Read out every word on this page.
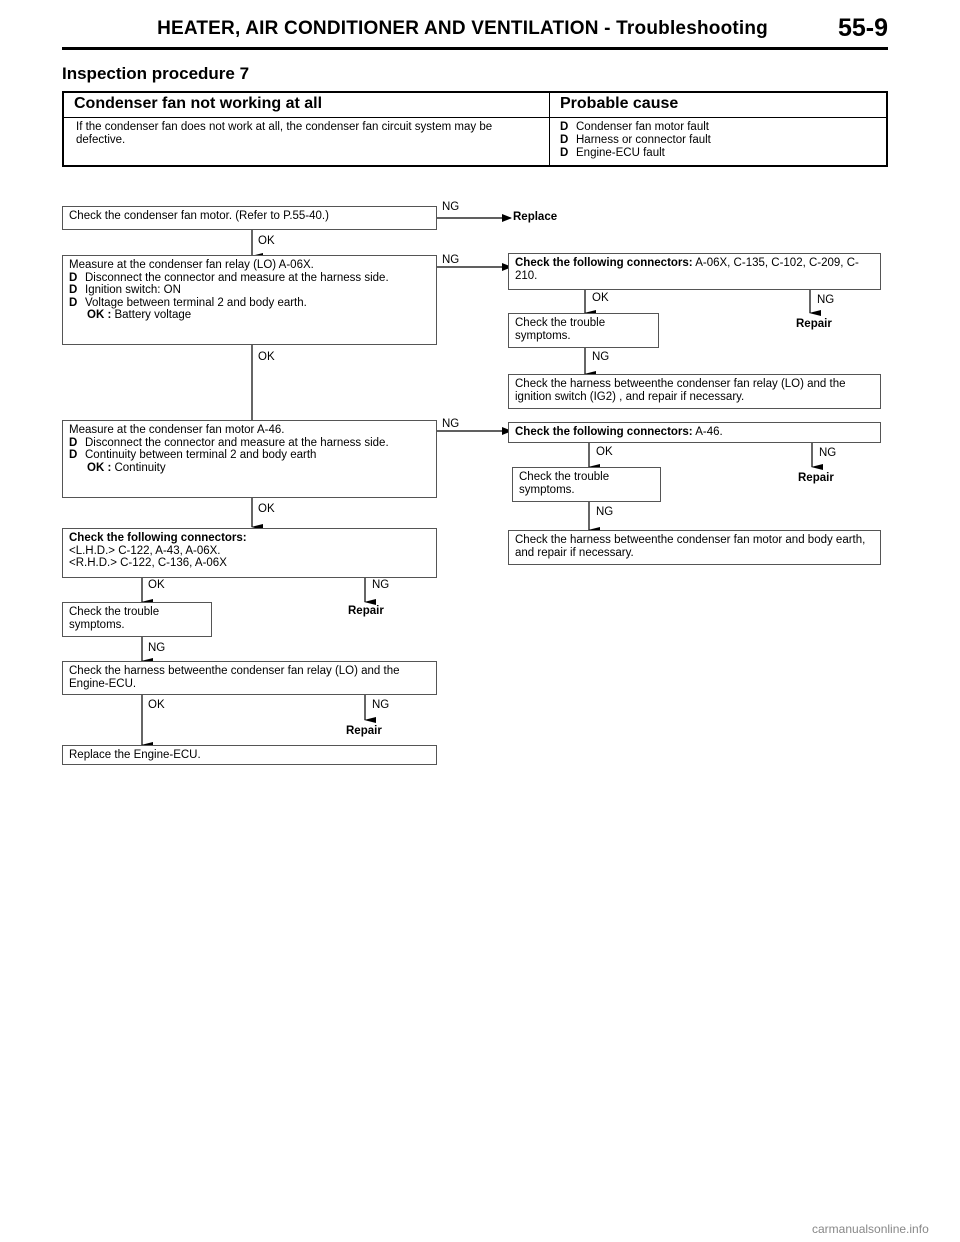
HEATER, AIR CONDITIONER AND VENTILATION - Troubleshooting	55-9
Inspection procedure 7
Condenser fan not working at all	Probable cause
If the condenser fan does not work at all, the condenser fan circuit system may be defective.
D Condenser fan motor fault
D Harness or connector fault
D Engine-ECU fault
Check the condenser fan motor. (Refer to P.55-40.)
NG
Replace
OK
Measure at the condenser fan relay (LO) A-06X.
D Disconnect the connector and measure at the harness side.
D Ignition switch: ON
D Voltage between terminal 2 and body earth.
OK : Battery voltage
NG
OK
Check the following connectors: A-06X, C-135, C-102, C-209, C-210.
OK	NG
Check the trouble symptoms.
Repair
NG
Check the harness betweenthe condenser fan relay (LO) and the ignition switch (IG2) , and repair if necessary.
Measure at the condenser fan motor A-46.
D Disconnect the connector and measure at the harness side.
D Continuity between terminal 2 and body earth
OK : Continuity
NG
OK
Check the following connectors: A-46.
OK	NG
Check the trouble symptoms.
Repair
NG
Check the harness betweenthe condenser fan motor and body earth, and repair if necessary.
Check the following connectors:
<L.H.D.> C-122, A-43, A-06X.
<R.H.D.> C-122, C-136, A-06X
OK	NG
Check the trouble symptoms.
Repair
NG
Check the harness betweenthe condenser fan relay (LO) and the Engine-ECU.
OK	NG
Repair
Replace the Engine-ECU.
carmanualsonline.info
